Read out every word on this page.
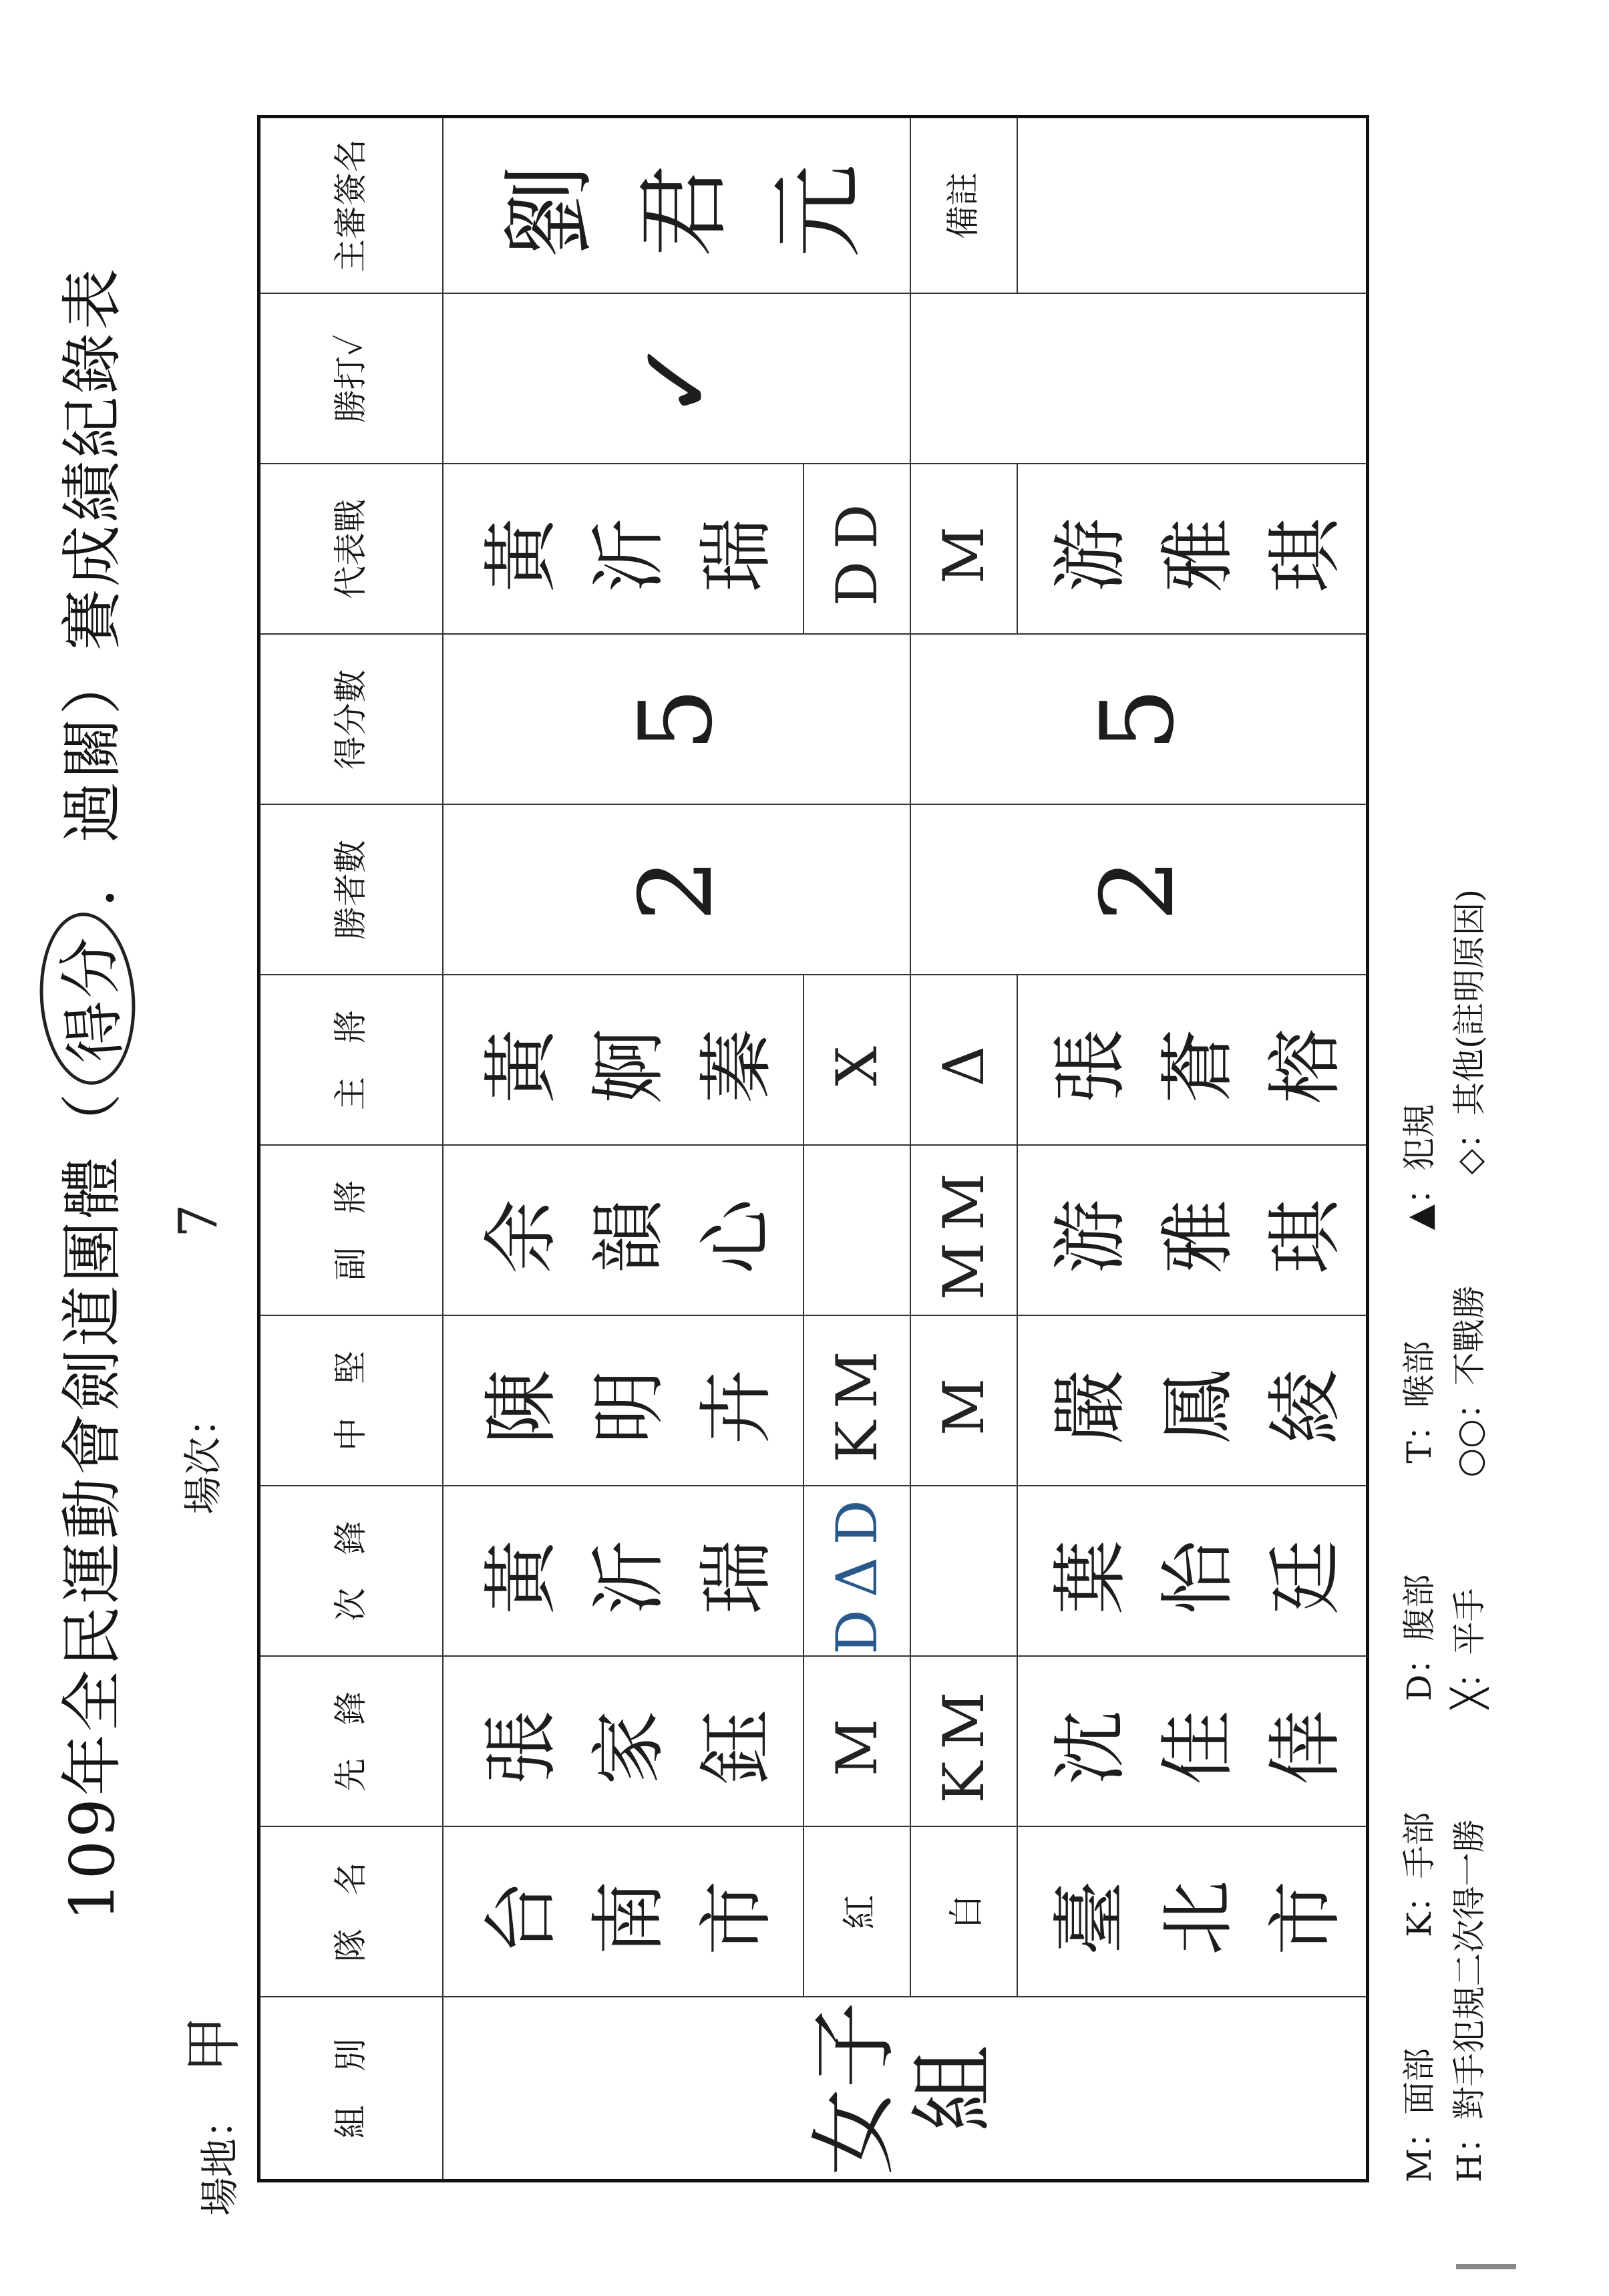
109年全民運動會劍道團體（得分．過關）賽成績紀錄表
場地：甲
場次：7
組　別	隊　名	先　鋒	次　鋒	中　堅	副　將	主　將	勝者數	得分數	代表戰	勝打✓	主審簽名
女子組	台南市	張家鈺	黃沂瑞	陳明卉	余韻心	黃婀蓁	2	5	黃沂瑞	✓	劉君元
	紅	M	DΔD	KM		X			DD		
	白	KM		M	MM	Δ	2	5	M		備註
	臺北市	沈佳倖	葉怡廷	嚴鳳綾	游雅琪	張蒼榕			游雅琪		
M：面部 K：手部 D：腹部 T：喉部 ▲：犯規
H：對手犯規二次得一勝 ╳：平手 ○○：不戰勝 ◇：其他(註明原因)
